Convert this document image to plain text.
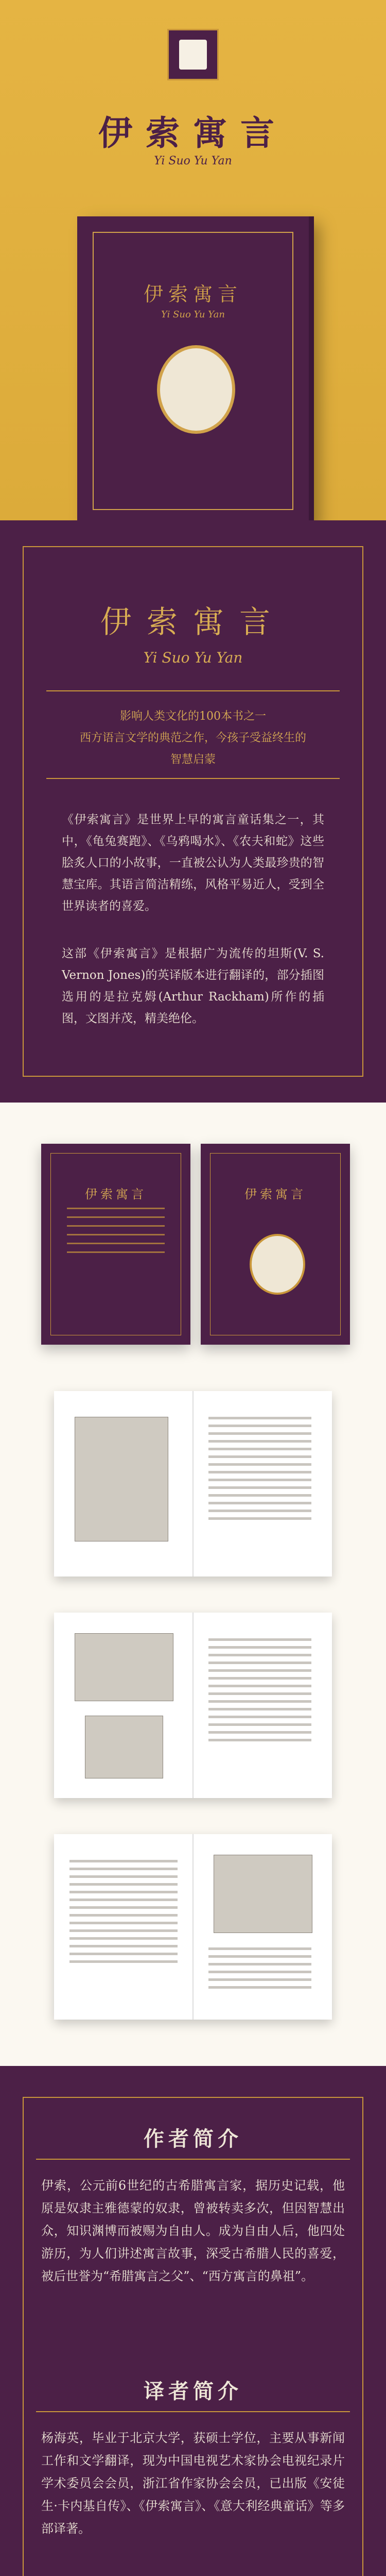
伊索寓言
Yi Suo Yu Yan
伊索寓言
Yi Suo Yu Yan
伊索寓言
Yi Suo Yu Yan
影响人类文化的100本书之一
西方语言文学的典范之作，今孩子受益终生的
智慧启蒙
《伊索寓言》是世界上早的寓言童话集之一，其中，《龟兔赛跑》、《乌鸦喝水》、《农夫和蛇》这些脍炙人口的小故事，一直被公认为人类最珍贵的智慧宝库。其语言简洁精练，风格平易近人，受到全世界读者的喜爱。
这部《伊索寓言》是根据广为流传的坦斯(V. S. Vernon Jones)的英译版本进行翻译的，部分插图选用的是拉克姆(Arthur Rackham)所作的插图，文图并茂，精美绝伦。
伊索寓言	伊索寓言
作者简介
伊索，公元前6世纪的古希腊寓言家，据历史记载，他原是奴隶主雅德蒙的奴隶，曾被转卖多次，但因智慧出众，知识渊博而被赐为自由人。成为自由人后，他四处游历，为人们讲述寓言故事，深受古希腊人民的喜爱，被后世誉为“希腊寓言之父”、“西方寓言的鼻祖”。
译者简介
杨海英，毕业于北京大学，获硕士学位，主要从事新闻工作和文学翻译，现为中国电视艺术家协会电视纪录片学术委员会会员，浙江省作家协会会员，已出版《安徒生·卡内基自传》、《伊索寓言》、《意大利经典童话》等多部译著。
